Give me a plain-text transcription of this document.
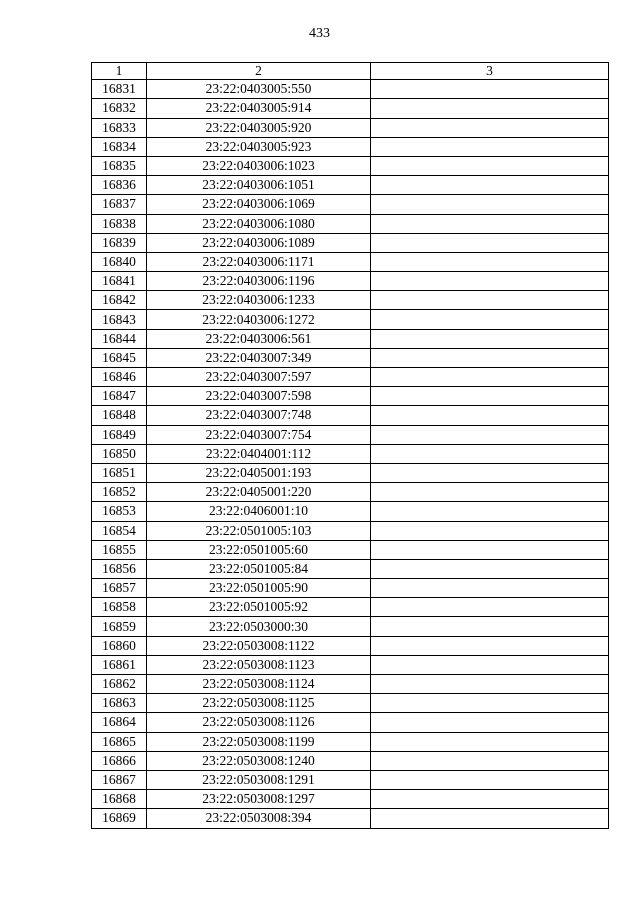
433
1	2	3
16831	23:22:0403005:550	
16832	23:22:0403005:914	
16833	23:22:0403005:920	
16834	23:22:0403005:923	
16835	23:22:0403006:1023	
16836	23:22:0403006:1051	
16837	23:22:0403006:1069	
16838	23:22:0403006:1080	
16839	23:22:0403006:1089	
16840	23:22:0403006:1171	
16841	23:22:0403006:1196	
16842	23:22:0403006:1233	
16843	23:22:0403006:1272	
16844	23:22:0403006:561	
16845	23:22:0403007:349	
16846	23:22:0403007:597	
16847	23:22:0403007:598	
16848	23:22:0403007:748	
16849	23:22:0403007:754	
16850	23:22:0404001:112	
16851	23:22:0405001:193	
16852	23:22:0405001:220	
16853	23:22:0406001:10	
16854	23:22:0501005:103	
16855	23:22:0501005:60	
16856	23:22:0501005:84	
16857	23:22:0501005:90	
16858	23:22:0501005:92	
16859	23:22:0503000:30	
16860	23:22:0503008:1122	
16861	23:22:0503008:1123	
16862	23:22:0503008:1124	
16863	23:22:0503008:1125	
16864	23:22:0503008:1126	
16865	23:22:0503008:1199	
16866	23:22:0503008:1240	
16867	23:22:0503008:1291	
16868	23:22:0503008:1297	
16869	23:22:0503008:394	
